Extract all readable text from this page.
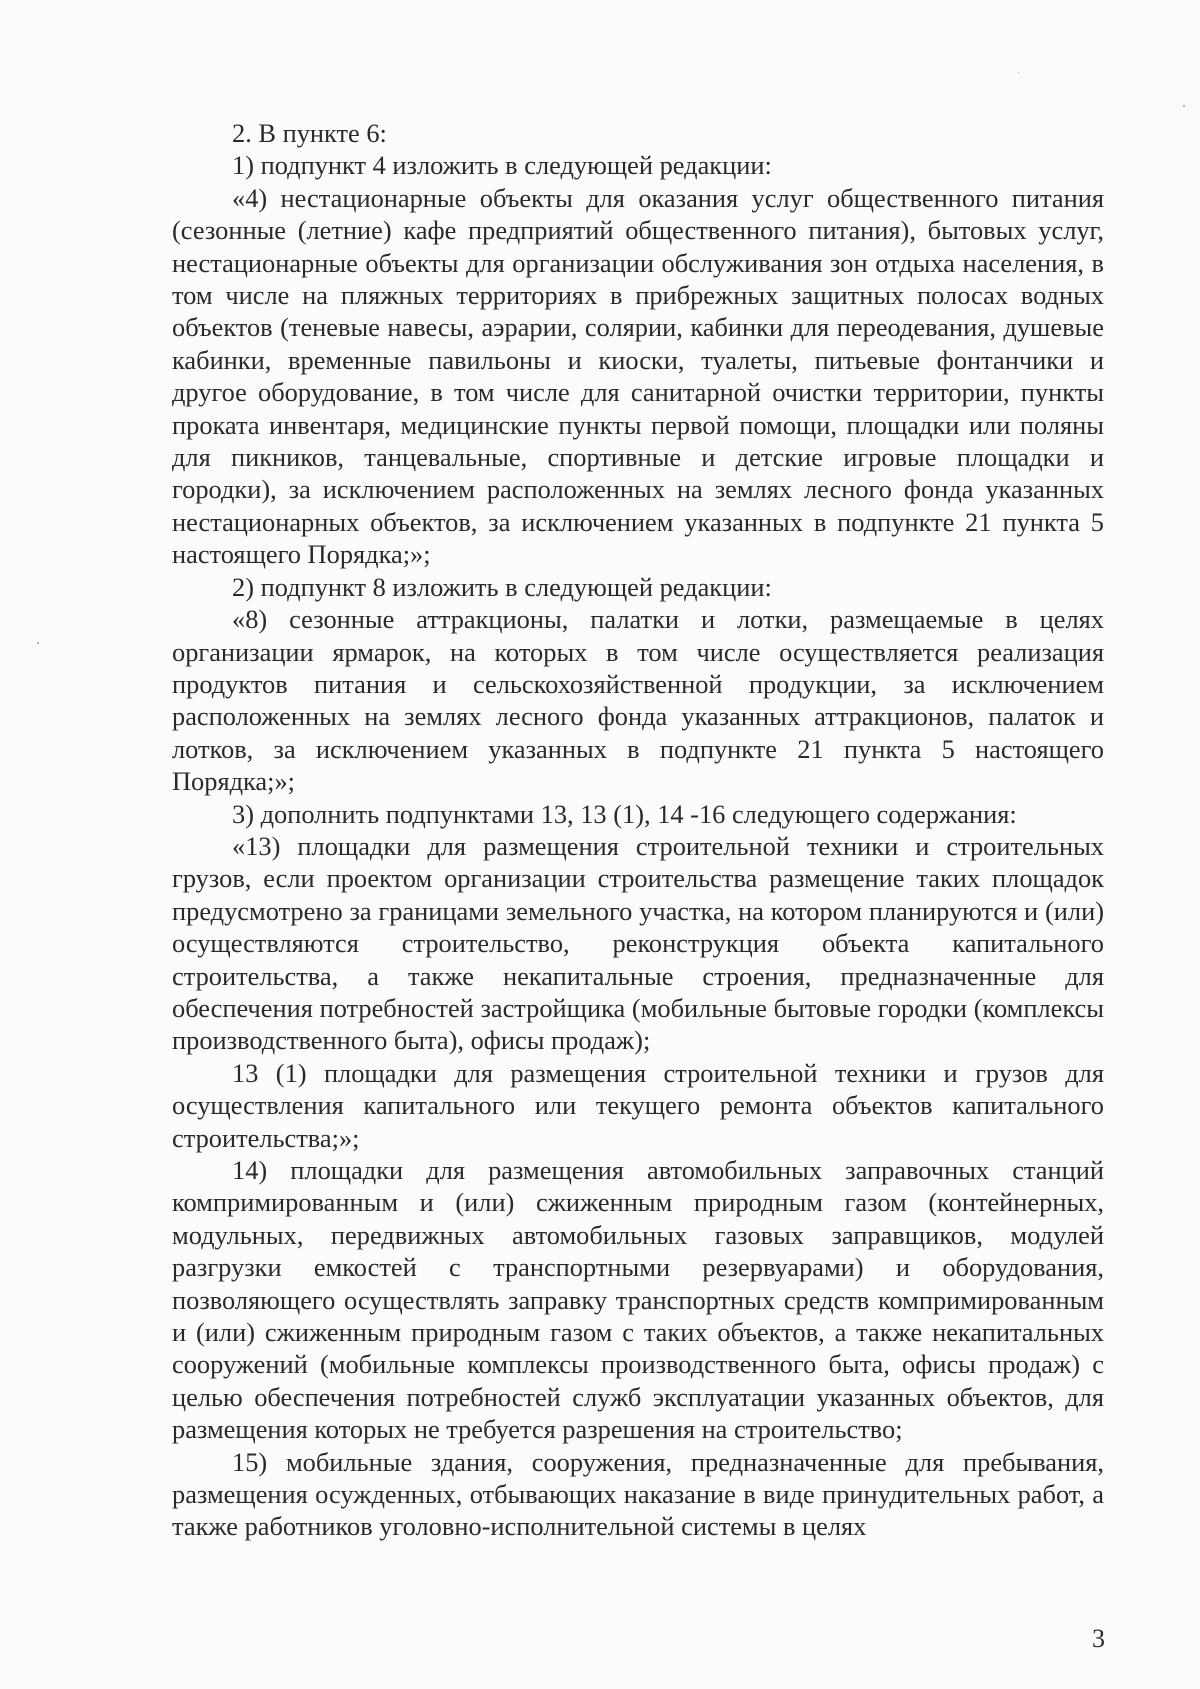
2. В пункте 6:

1) подпункт 4 изложить в следующей редакции:

«4) нестационарные объекты для оказания услуг общественного питания (сезонные (летние) кафе предприятий общественного питания), бытовых услуг, нестационарные объекты для организации обслуживания зон отдыха населения, в том числе на пляжных территориях в прибрежных защитных полосах водных объектов (теневые навесы, аэрарии, солярии, кабинки для переодевания, душевые кабинки, временные павильоны и киоски, туалеты, питьевые фонтанчики и другое оборудование, в том числе для санитарной очистки территории, пункты проката инвентаря, медицинские пункты первой помощи, площадки или поляны для пикников, танцевальные, спортивные и детские игровые площадки и городки), за исключением расположенных на землях лесного фонда указанных нестационарных объектов, за исключением указанных в подпункте 21 пункта 5 настоящего Порядка;»;

2) подпункт 8 изложить в следующей редакции:

«8) сезонные аттракционы, палатки и лотки, размещаемые в целях организации ярмарок, на которых в том числе осуществляется реализация продуктов питания и сельскохозяйственной продукции, за исключением расположенных на землях лесного фонда указанных аттракционов, палаток и лотков, за исключением указанных в подпункте 21 пункта 5 настоящего Порядка;»;

3) дополнить подпунктами 13, 13 (1), 14 -16 следующего содержания:

«13) площадки для размещения строительной техники и строительных грузов, если проектом организации строительства размещение таких площадок предусмотрено за границами земельного участка, на котором планируются и (или) осуществляются строительство, реконструкция объекта капитального строительства, а также некапитальные строения, предназначенные для обеспечения потребностей застройщика (мобильные бытовые городки (комплексы производственного быта), офисы продаж);

13 (1) площадки для размещения строительной техники и грузов для осуществления капитального или текущего ремонта объектов капитального строительства;»;

14) площадки для размещения автомобильных заправочных станций компримированным и (или) сжиженным природным газом (контейнерных, модульных, передвижных автомобильных газовых заправщиков, модулей разгрузки емкостей с транспортными резервуарами) и оборудования, позволяющего осуществлять заправку транспортных средств компримированным и (или) сжиженным природным газом с таких объектов, а также некапитальных сооружений (мобильные комплексы производственного быта, офисы продаж) с целью обеспечения потребностей служб эксплуатации указанных объектов, для размещения которых не требуется разрешения на строительство;

15) мобильные здания, сооружения, предназначенные для пребывания, размещения осужденных, отбывающих наказание в виде принудительных работ, а также работников уголовно-исполнительной системы в целях

3
